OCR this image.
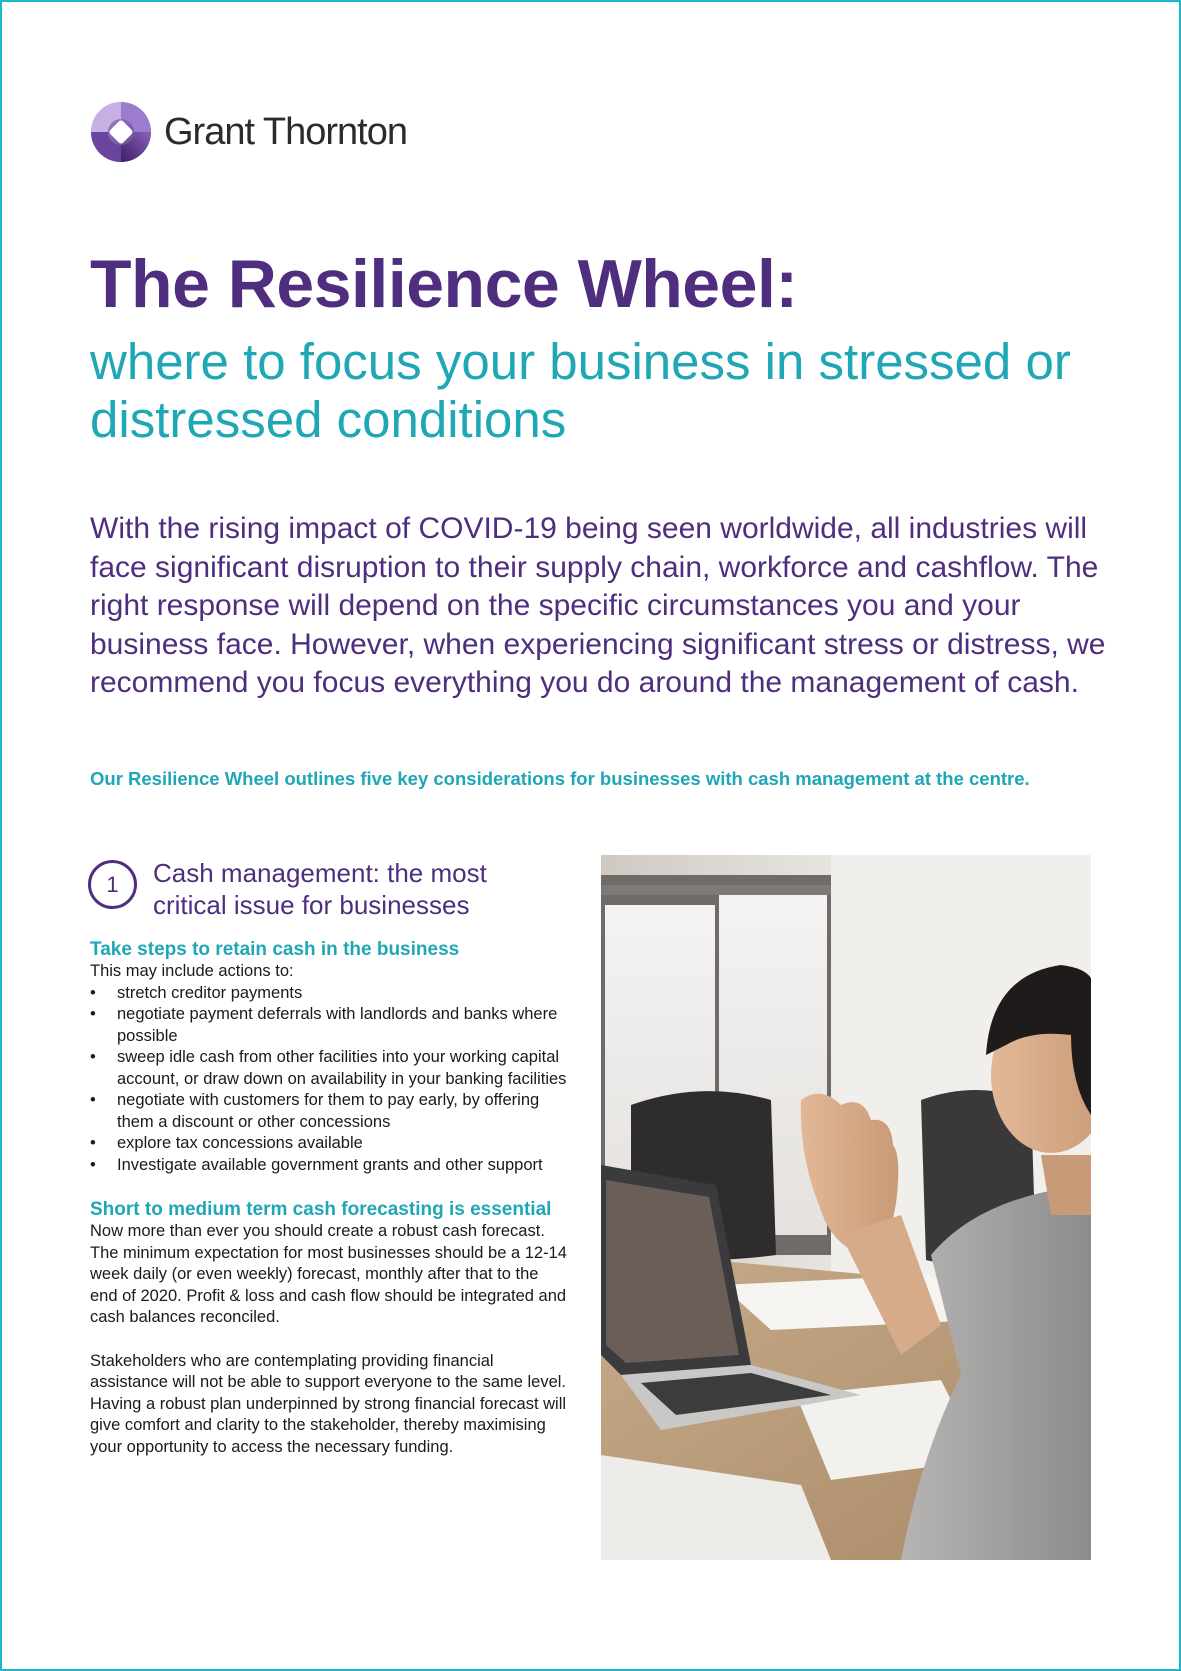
Grant Thornton
The Resilience Wheel:
where to focus your business in stressed or distressed conditions

With the rising impact of COVID-19 being seen worldwide, all industries will face significant disruption to their supply chain, workforce and cashflow. The right response will depend on the specific circumstances you and your business face. However, when experiencing significant stress or distress, we recommend you focus everything you do around the management of cash.

Our Resilience Wheel outlines five key considerations for businesses with cash management at the centre.

1	Cash management: the most critical issue for businesses

Take steps to retain cash in the business

This may include actions to:

• stretch creditor payments
• negotiate payment deferrals with landlords and banks where possible
• sweep idle cash from other facilities into your working capital account, or draw down on availability in your banking facilities
• negotiate with customers for them to pay early, by offering them a discount or other concessions
• explore tax concessions available
• Investigate available government grants and other support

Short to medium term cash forecasting is essential

Now more than ever you should create a robust cash forecast. The minimum expectation for most businesses should be a 12-14 week daily (or even weekly) forecast, monthly after that to the end of 2020. Profit & loss and cash flow should be integrated and cash balances reconciled.

Stakeholders who are contemplating providing financial assistance will not be able to support everyone to the same level. Having a robust plan underpinned by strong financial forecast will give comfort and clarity to the stakeholder, thereby maximising your opportunity to access the necessary funding.
